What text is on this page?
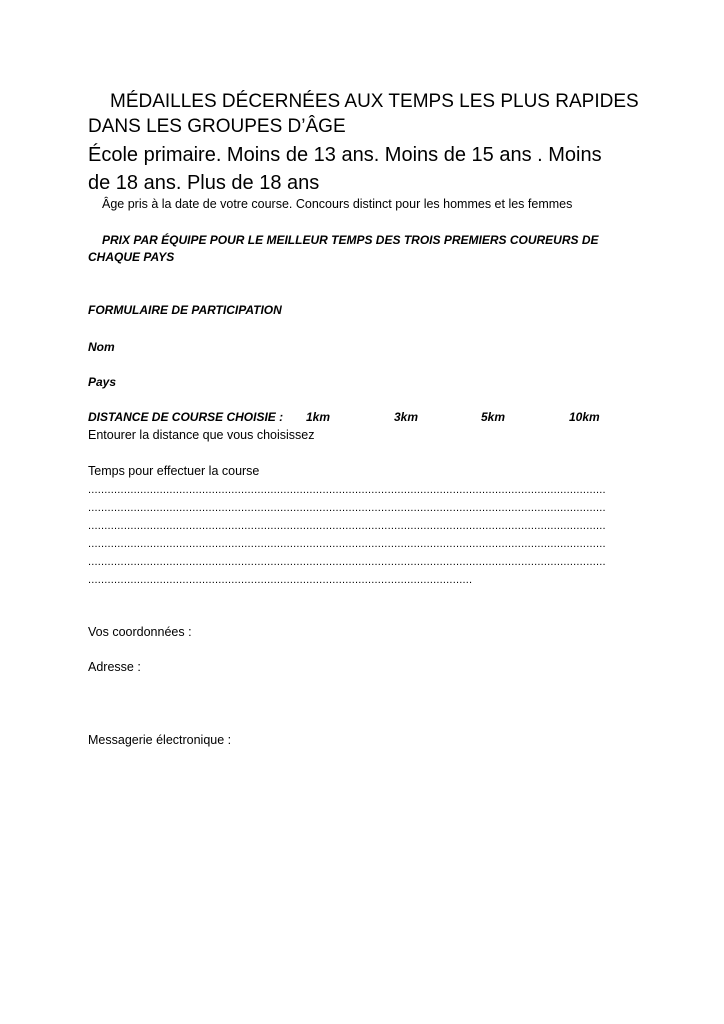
MÉDAILLES DÉCERNÉES AUX TEMPS LES PLUS RAPIDES
DANS LES GROUPES D’ÂGE
École primaire. Moins de 13 ans. Moins de 15 ans . Moins
de 18 ans. Plus de 18 ans
Âge pris à la date de votre course. Concours distinct pour les hommes et les femmes
PRIX PAR ÉQUIPE POUR LE MEILLEUR TEMPS DES TROIS PREMIERS COUREURS DE
CHAQUE PAYS
FORMULAIRE DE PARTICIPATION
Nom
Pays
DISTANCE DE COURSE CHOISIE : 1km	3km	5km	10km
Entourer la distance que vous choisissez
Temps pour effectuer la course
...............................................................................................................................................................
...............................................................................................................................................................
...............................................................................................................................................................
...............................................................................................................................................................
...............................................................................................................................................................
......................................................................................................................
Vos coordonnées :
Adresse :
Messagerie électronique :
